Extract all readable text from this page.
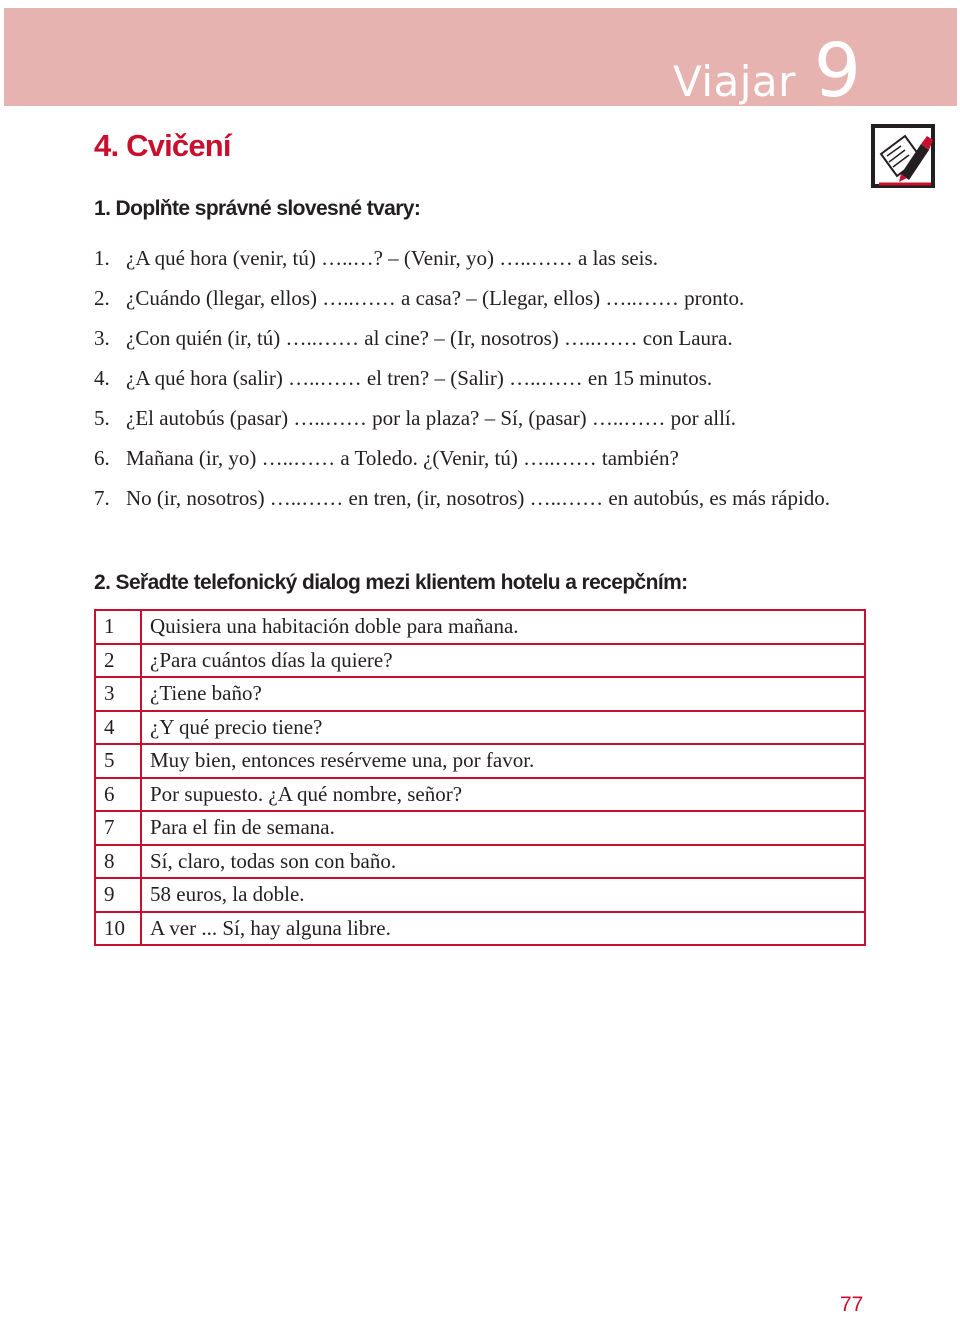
Viajar 9
4. Cvičení
1. Doplňte správné slovesné tvary:
1. ¿A qué hora (venir, tú) …..…? – (Venir, yo) …..…… a las seis.
2. ¿Cuándo (llegar, ellos) …..…… a casa? – (Llegar, ellos) …..…… pronto.
3. ¿Con quién (ir, tú) …..…… al cine? – (Ir, nosotros) …..…… con Laura.
4. ¿A qué hora (salir) …..…… el tren? – (Salir) …..…… en 15 minutos.
5. ¿El autobús (pasar) …..…… por la plaza? – Sí, (pasar) …..…… por allí.
6. Mañana (ir, yo) …..…… a Toledo. ¿(Venir, tú) …..…… también?
7. No (ir, nosotros) …..…… en tren, (ir, nosotros) …..…… en autobús, es más rápido.
2. Seřadte telefonický dialog mezi klientem hotelu a recepčním:
1	Quisiera una habitación doble para mañana.
2	¿Para cuántos días la quiere?
3	¿Tiene baño?
4	¿Y qué precio tiene?
5	Muy bien, entonces resérveme una, por favor.
6	Por supuesto. ¿A qué nombre, señor?
7	Para el fin de semana.
8	Sí, claro, todas son con baño.
9	58 euros, la doble.
10	A ver ... Sí, hay alguna libre.
77
